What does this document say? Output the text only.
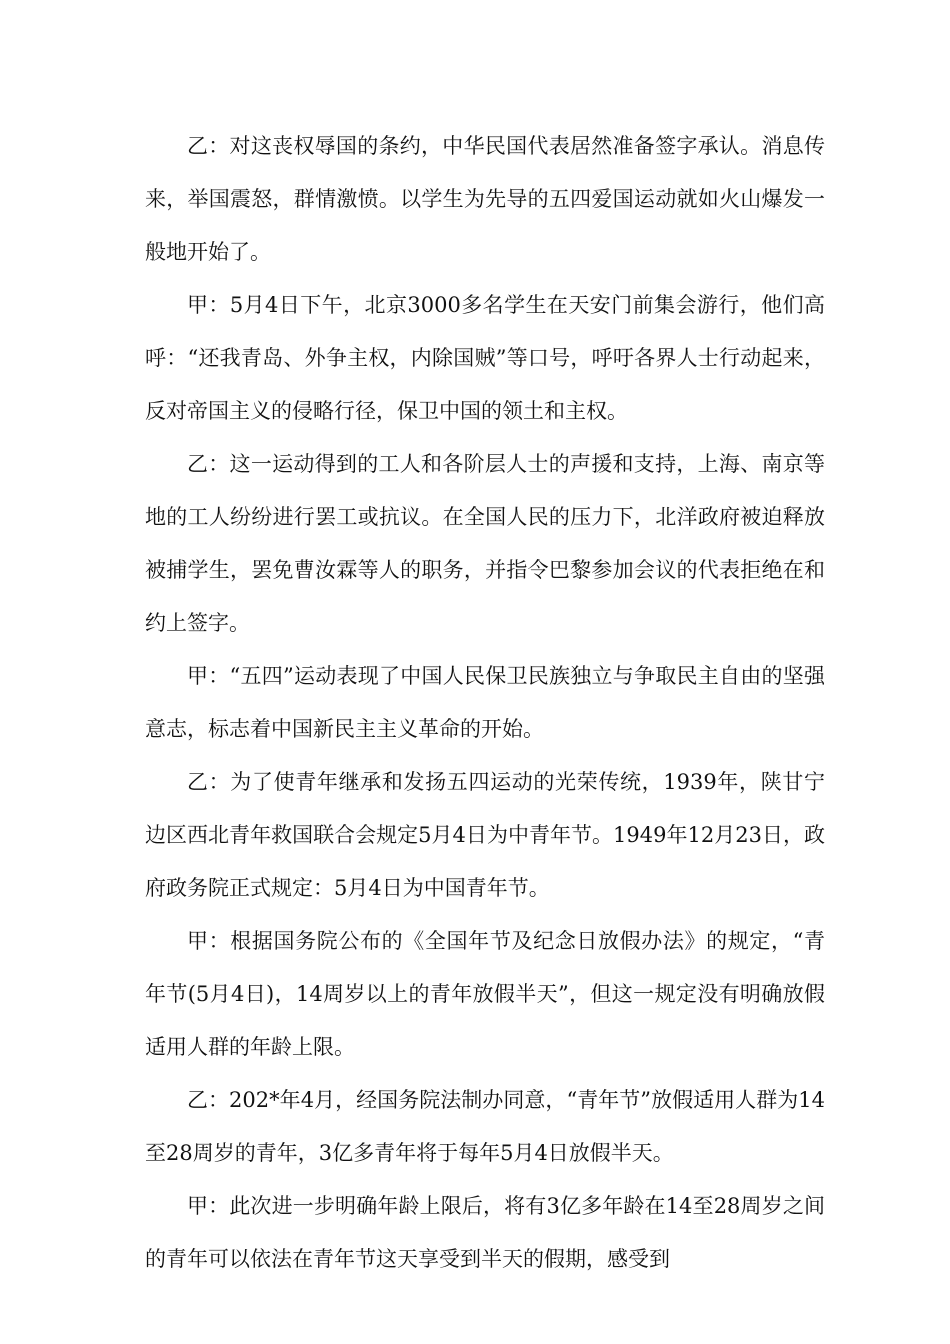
乙：对这丧权辱国的条约，中华民国代表居然准备签字承认。消息传来，举国震怒，群情激愤。以学生为先导的五四爱国运动就如火山爆发一般地开始了。

甲：5月4日下午，北京3000多名学生在天安门前集会游行，他们高呼：“还我青岛、外争主权，内除国贼”等口号，呼吁各界人士行动起来，反对帝国主义的侵略行径，保卫中国的领土和主权。

乙：这一运动得到的工人和各阶层人士的声援和支持，上海、南京等地的工人纷纷进行罢工或抗议。在全国人民的压力下，北洋政府被迫释放被捕学生，罢免曹汝霖等人的职务，并指令巴黎参加会议的代表拒绝在和约上签字。

甲：“五四”运动表现了中国人民保卫民族独立与争取民主自由的坚强意志，标志着中国新民主主义革命的开始。

乙：为了使青年继承和发扬五四运动的光荣传统，1939年，陕甘宁边区西北青年救国联合会规定5月4日为中青年节。1949年12月23日，政府政务院正式规定：5月4日为中国青年节。

甲：根据国务院公布的《全国年节及纪念日放假办法》的规定，“青年节(5月4日)，14周岁以上的青年放假半天”，但这一规定没有明确放假适用人群的年龄上限。

乙：202*年4月，经国务院法制办同意，“青年节”放假适用人群为14至28周岁的青年，3亿多青年将于每年5月4日放假半天。

甲：此次进一步明确年龄上限后，将有3亿多年龄在14至28周岁之间的青年可以依法在青年节这天享受到半天的假期，感受到
